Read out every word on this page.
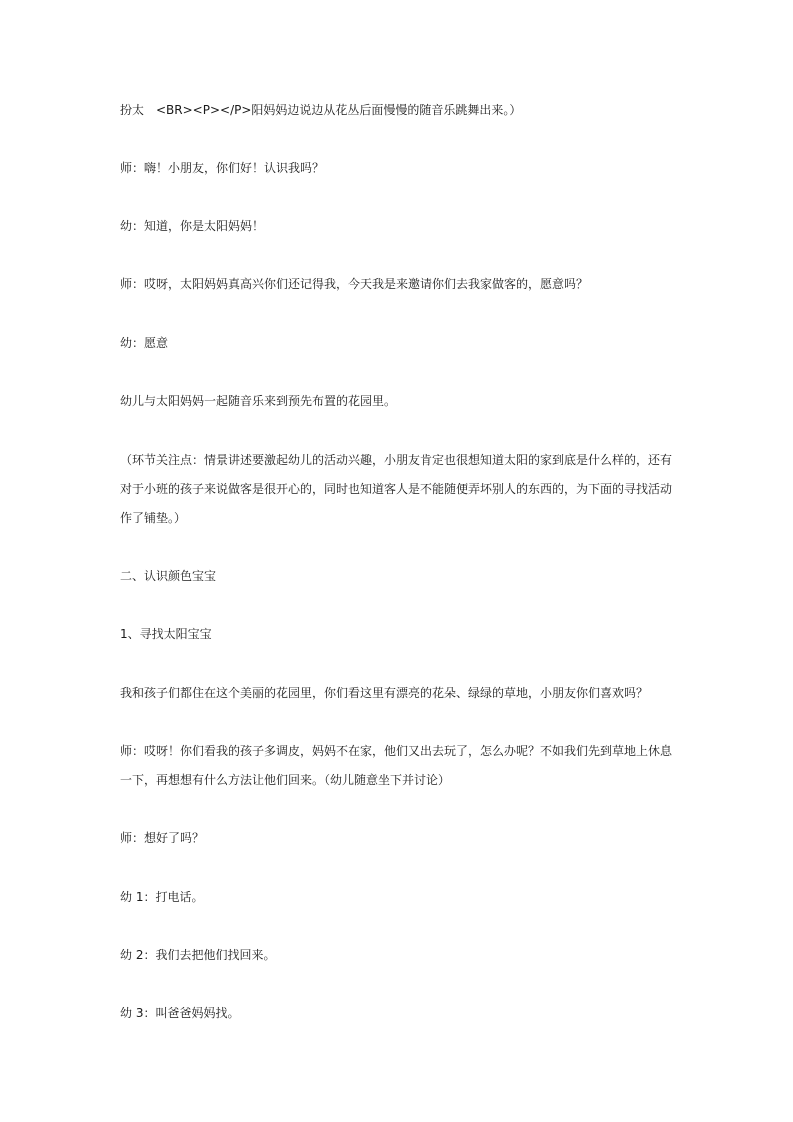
扮太　<BR><P></P>阳妈妈边说边从花丛后面慢慢的随音乐跳舞出来。）

师：嗨！小朋友，你们好！认识我吗？

幼：知道，你是太阳妈妈！

师：哎呀，太阳妈妈真高兴你们还记得我，今天我是来邀请你们去我家做客的，愿意吗？

幼：愿意

幼儿与太阳妈妈一起随音乐来到预先布置的花园里。

（环节关注点：情景讲述要激起幼儿的活动兴趣，小朋友肯定也很想知道太阳的家到底是什么样的，还有对于小班的孩子来说做客是很开心的，同时也知道客人是不能随便弄坏别人的东西的，为下面的寻找活动作了铺垫。）

二、认识颜色宝宝

1、寻找太阳宝宝

我和孩子们都住在这个美丽的花园里，你们看这里有漂亮的花朵、绿绿的草地，小朋友你们喜欢吗？

师：哎呀！你们看我的孩子多调皮，妈妈不在家，他们又出去玩了，怎么办呢？不如我们先到草地上休息一下，再想想有什么方法让他们回来。（幼儿随意坐下并讨论）

师：想好了吗？

幼 1：打电话。

幼 2：我们去把他们找回来。

幼 3：叫爸爸妈妈找。
